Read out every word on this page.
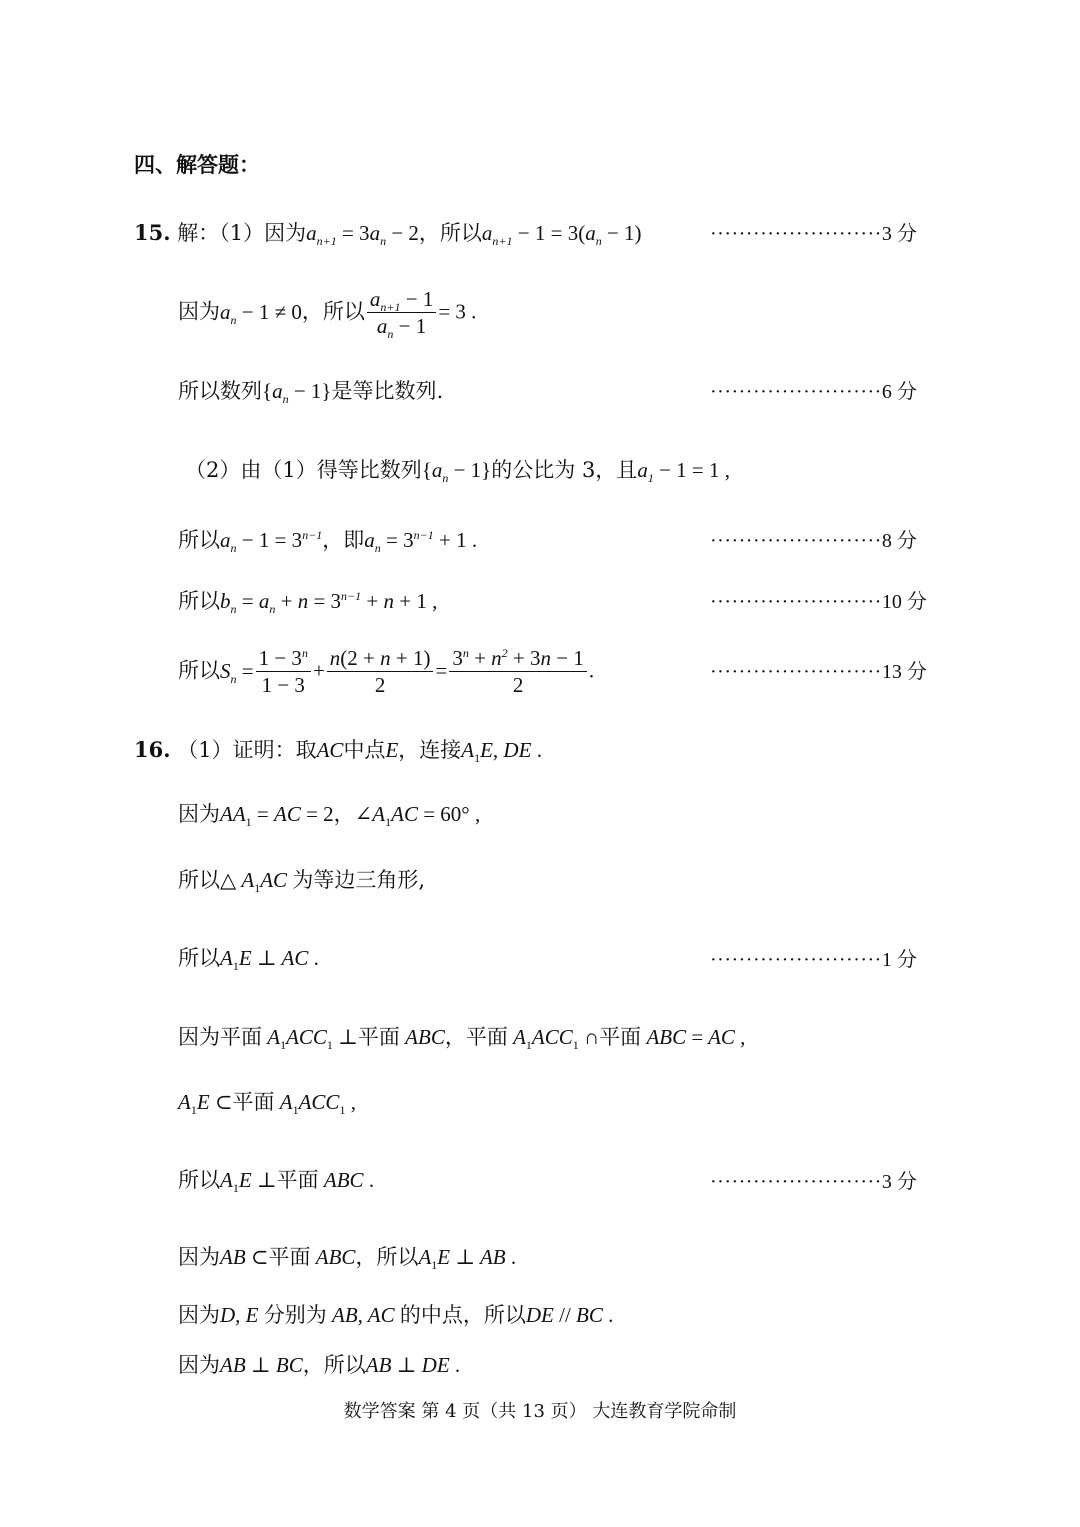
四、解答题：
15. 解：（1）因为$a_{n+1} = 3a_n - 2$，所以$a_{n+1} - 1 = 3(a_n - 1)$	························3 分
因为$a_n - 1 \ne 0$，所以 $\frac{a_{n+1} - 1}{a_n - 1} = 3$ .
所以数列$\{a_n - 1\}$是等比数列.	························6 分
（2）由（1）得等比数列$\{a_n - 1\}$的公比为 3，且$a_1 - 1 = 1$ ,
所以$a_n - 1 = 3^{n-1}$，即$a_n = 3^{n-1} + 1$ .	························8 分
所以$b_n = a_n + n = 3^{n-1} + n + 1$ ,	························10 分
所以$S_n = \frac{1 - 3^n}{1 - 3} + \frac{n(2 + n + 1)}{2} = \frac{3^n + n^2 + 3n - 1}{2}$ .	························13 分
16. （1）证明：取AC中点E，连接$A_1E$, DE .
因为$AA_1$ = AC = 2，$\angle A_1AC = 60^\circ$ ,
所以△ $A_1AC$ 为等边三角形,
所以$A_1E$ ⊥ AC .	························1 分
因为平面 $A_1ACC_1$ ⊥平面 ABC，平面 $A_1ACC_1$ ∩平面 ABC = AC ,
$A_1E$ ⊂平面 $A_1ACC_1$ ,
所以$A_1E$ ⊥平面 ABC .	························3 分
因为AB ⊂平面 ABC，所以$A_1E$ ⊥ AB .
因为D, E 分别为 AB, AC 的中点，所以DE // BC .
因为AB ⊥ BC，所以AB ⊥ DE .
数学答案 第 4 页（共 13 页） 大连教育学院命制
